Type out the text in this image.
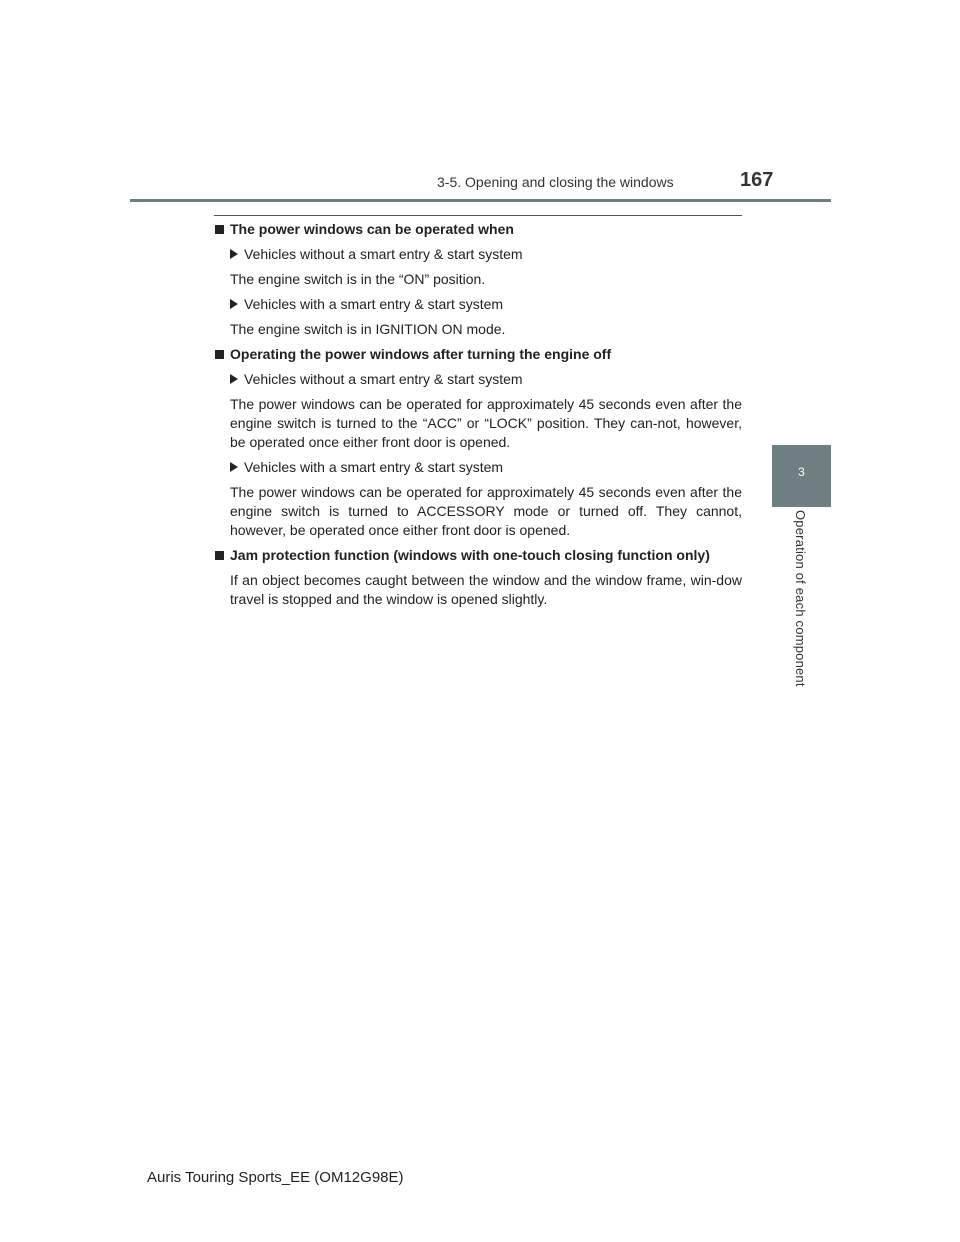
3-5. Opening and closing the windows	167
3
Operation of each component
The power windows can be operated when
Vehicles without a smart entry & start system
The engine switch is in the “ON” position.
Vehicles with a smart entry & start system
The engine switch is in IGNITION ON mode.
Operating the power windows after turning the engine off
Vehicles without a smart entry & start system
The power windows can be operated for approximately 45 seconds even after the engine switch is turned to the “ACC” or “LOCK” position. They can-not, however, be operated once either front door is opened.
Vehicles with a smart entry & start system
The power windows can be operated for approximately 45 seconds even after the engine switch is turned to ACCESSORY mode or turned off. They cannot, however, be operated once either front door is opened.
Jam protection function (windows with one-touch closing function only)
If an object becomes caught between the window and the window frame, win-dow travel is stopped and the window is opened slightly.
Auris Touring Sports_EE (OM12G98E)
